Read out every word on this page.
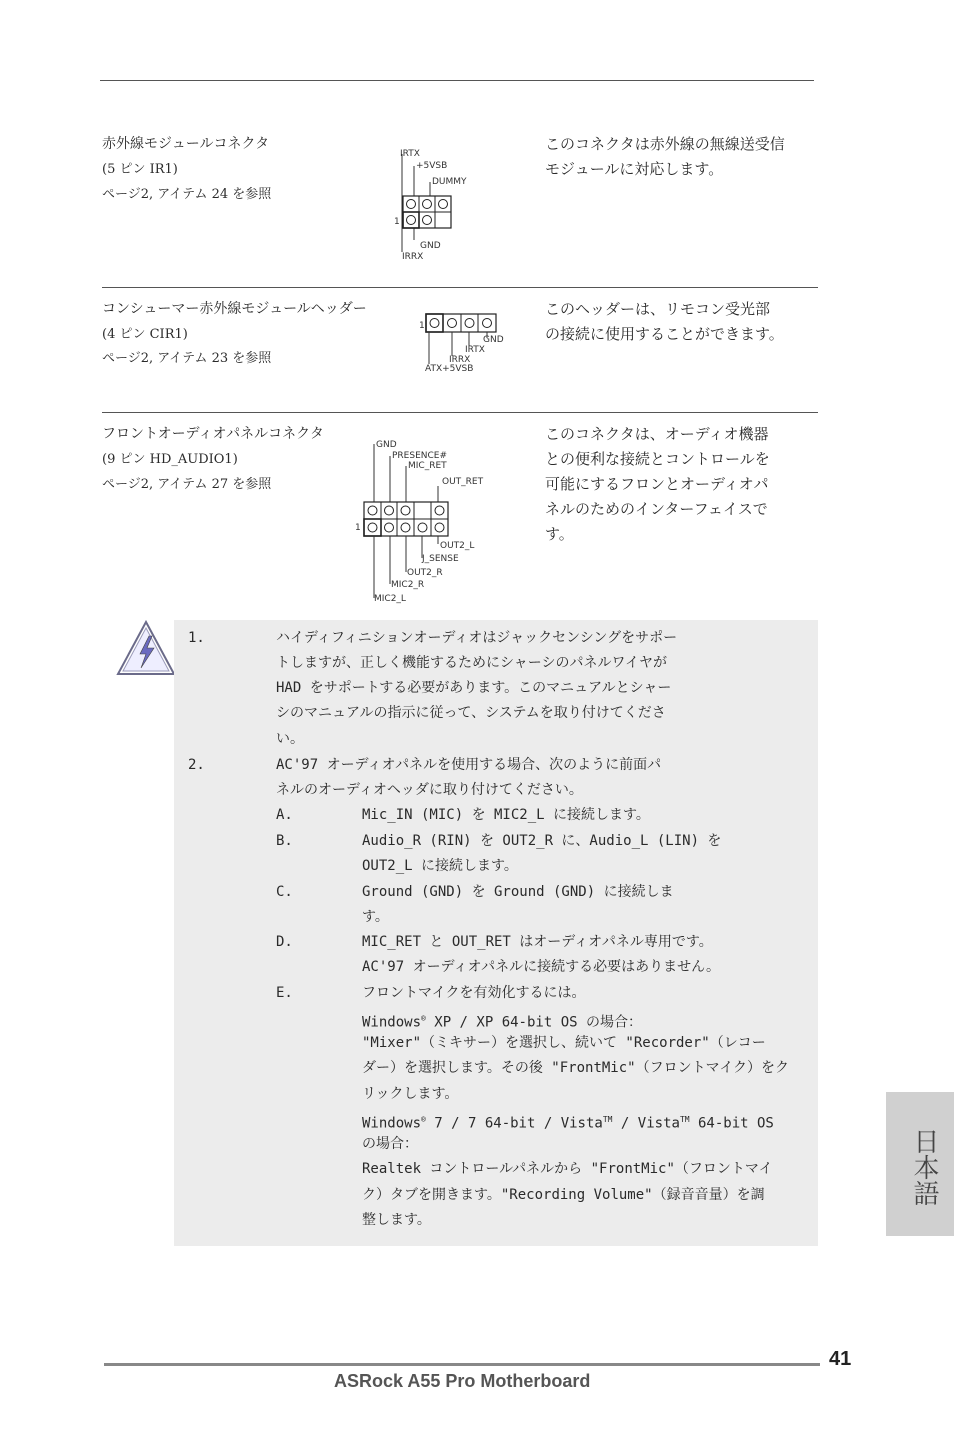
赤外線モジュールコネクタ
(5 ピン IR1)
ページ2, アイテム 24 を参照
このコネクタは赤外線の無線送受信
モジュールに対応します。
IRTX
+5VSB
DUMMY
1
GND
IRRX
コンシューマー赤外線モジュールヘッダー
(4 ピン CIR1)
ページ2, アイテム 23 を参照
このヘッダーは、リモコン受光部
の接続に使用することができます。
1
GND
IRTX
IRRX
ATX+5VSB
フロントオーディオパネルコネクタ
(9 ピン HD_AUDIO1)
ページ2, アイテム 27 を参照
このコネクタは、オーディオ機器
との便利な接続とコントロールを
可能にするフロンとオーディオパ
ネルのためのインターフェイスで
す。
GND
PRESENCE#
MIC_RET
OUT_RET
1
OUT2_L
J_SENSE
OUT2_R
MIC2_R
MIC2_L
1.	ハイディフィニションオーディオはジャックセンシングをサポー
トしますが、正しく機能するためにシャーシのパネルワイヤが
HAD をサポートする必要があります。このマニュアルとシャー
シのマニュアルの指示に従って、システムを取り付けてくださ
い。
2.	AC'97 オーディオパネルを使用する場合、次のように前面パ
ネルのオーディオヘッダに取り付けてください。
A.	Mic_IN (MIC) を MIC2_L に接続します。
B.	Audio_R (RIN) を OUT2_R に、Audio_L (LIN) を
OUT2_L に接続します。
C.	Ground (GND) を Ground (GND) に接続しま
す。
D.	MIC_RET と OUT_RET はオーディオパネル専用です。
AC'97 オーディオパネルに接続する必要はありません。
E.	フロントマイクを有効化するには。
Windows® XP / XP 64-bit OS の場合：
"Mixer"（ミキサー）を選択し、続いて "Recorder"（レコー
ダー）を選択します。その後 "FrontMic"（フロントマイク）をク
リックします。
Windows® 7 / 7 64-bit / Vista™ / Vista™ 64-bit OS
の場合：
Realtek コントロールパネルから "FrontMic"（フロントマイ
ク）タブを開きます。"Recording Volume"（録音音量）を調
整します。
日本語
41
ASRock A55 Pro Motherboard
